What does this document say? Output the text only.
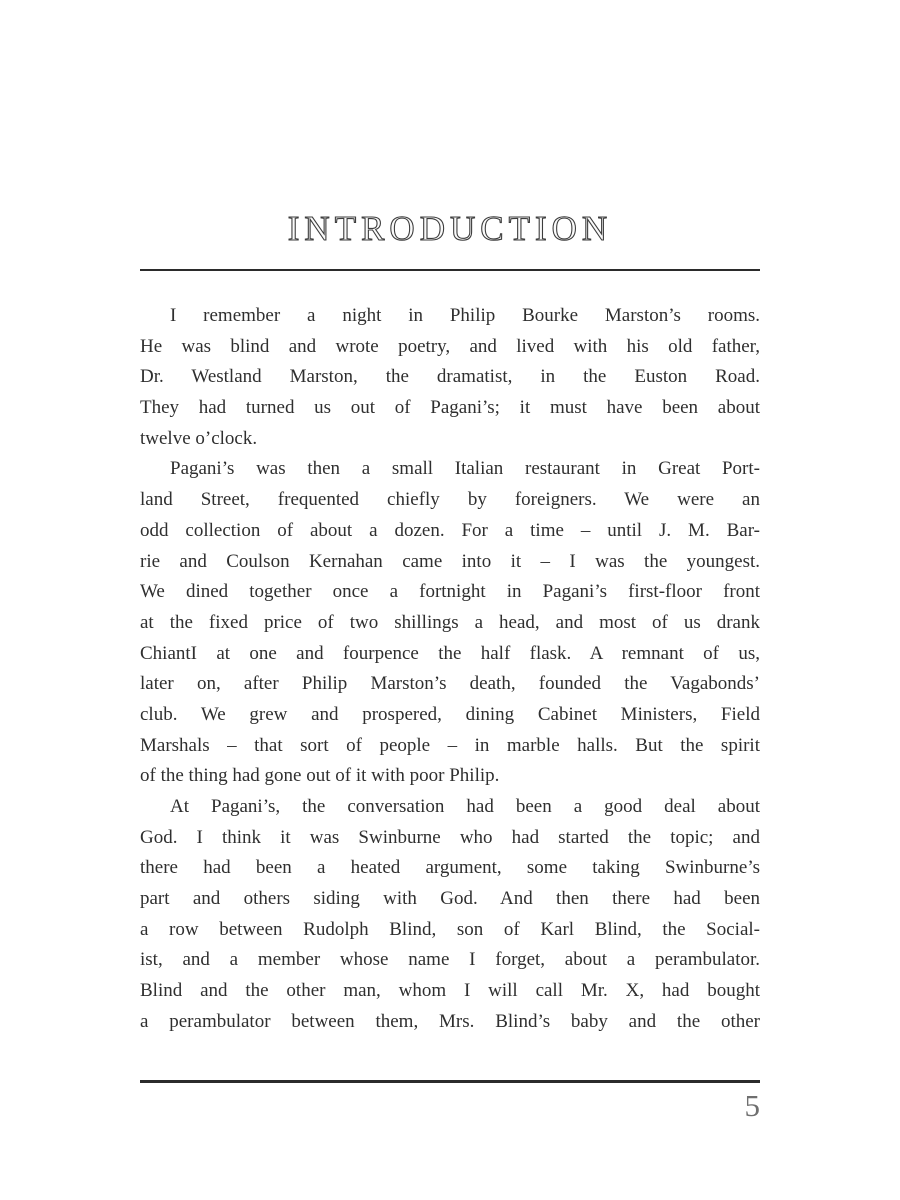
INTRODUCTION
I remember a night in Philip Bourke Marston’s rooms.
He was blind and wrote poetry, and lived with his old father,
Dr. Westland Marston, the dramatist, in the Euston Road.
They had turned us out of Pagani’s; it must have been about
twelve o’clock.
Pagani’s was then a small Italian restaurant in Great Port-
land Street, frequented chiefly by foreigners. We were an
odd collection of about a dozen. For a time – until J. M. Bar-
rie and Coulson Kernahan came into it – I was the youngest.
We dined together once a fortnight in Pagani’s first-floor front
at the fixed price of two shillings a head, and most of us drank
ChiantI at one and fourpence the half flask. A remnant of us,
later on, after Philip Marston’s death, founded the Vagabonds’
club. We grew and prospered, dining Cabinet Ministers, Field
Marshals – that sort of people – in marble halls. But the spirit
of the thing had gone out of it with poor Philip.
At Pagani’s, the conversation had been a good deal about
God. I think it was Swinburne who had started the topic; and
there had been a heated argument, some taking Swinburne’s
part and others siding with God. And then there had been
a row between Rudolph Blind, son of Karl Blind, the Social-
ist, and a member whose name I forget, about a perambulator.
Blind and the other man, whom I will call Mr. X, had bought
a perambulator between them, Mrs. Blind’s baby and the other
5
